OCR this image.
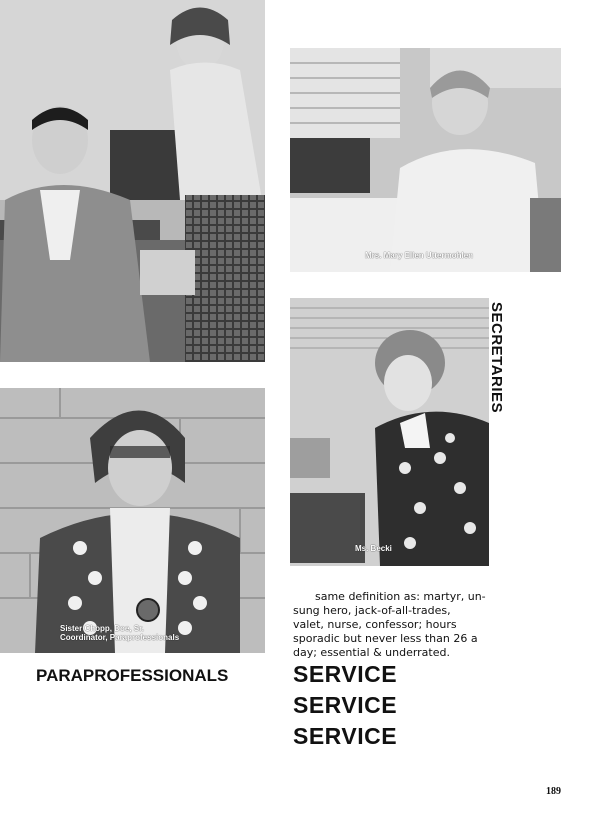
Mrs. Mary Ellen Uttermohlen
Ms. Becki
Sister Chopp, Doe, Sr.
Coordinator, Paraprofessionals
SECRETARIES
PARAPROFESSIONALS
same definition as: martyr, un-
sung hero, jack-of-all-trades,
valet, nurse, confessor; hours
sporadic but never less than 26 a
day; essential & underrated.
SERVICE
SERVICE
SERVICE
189
